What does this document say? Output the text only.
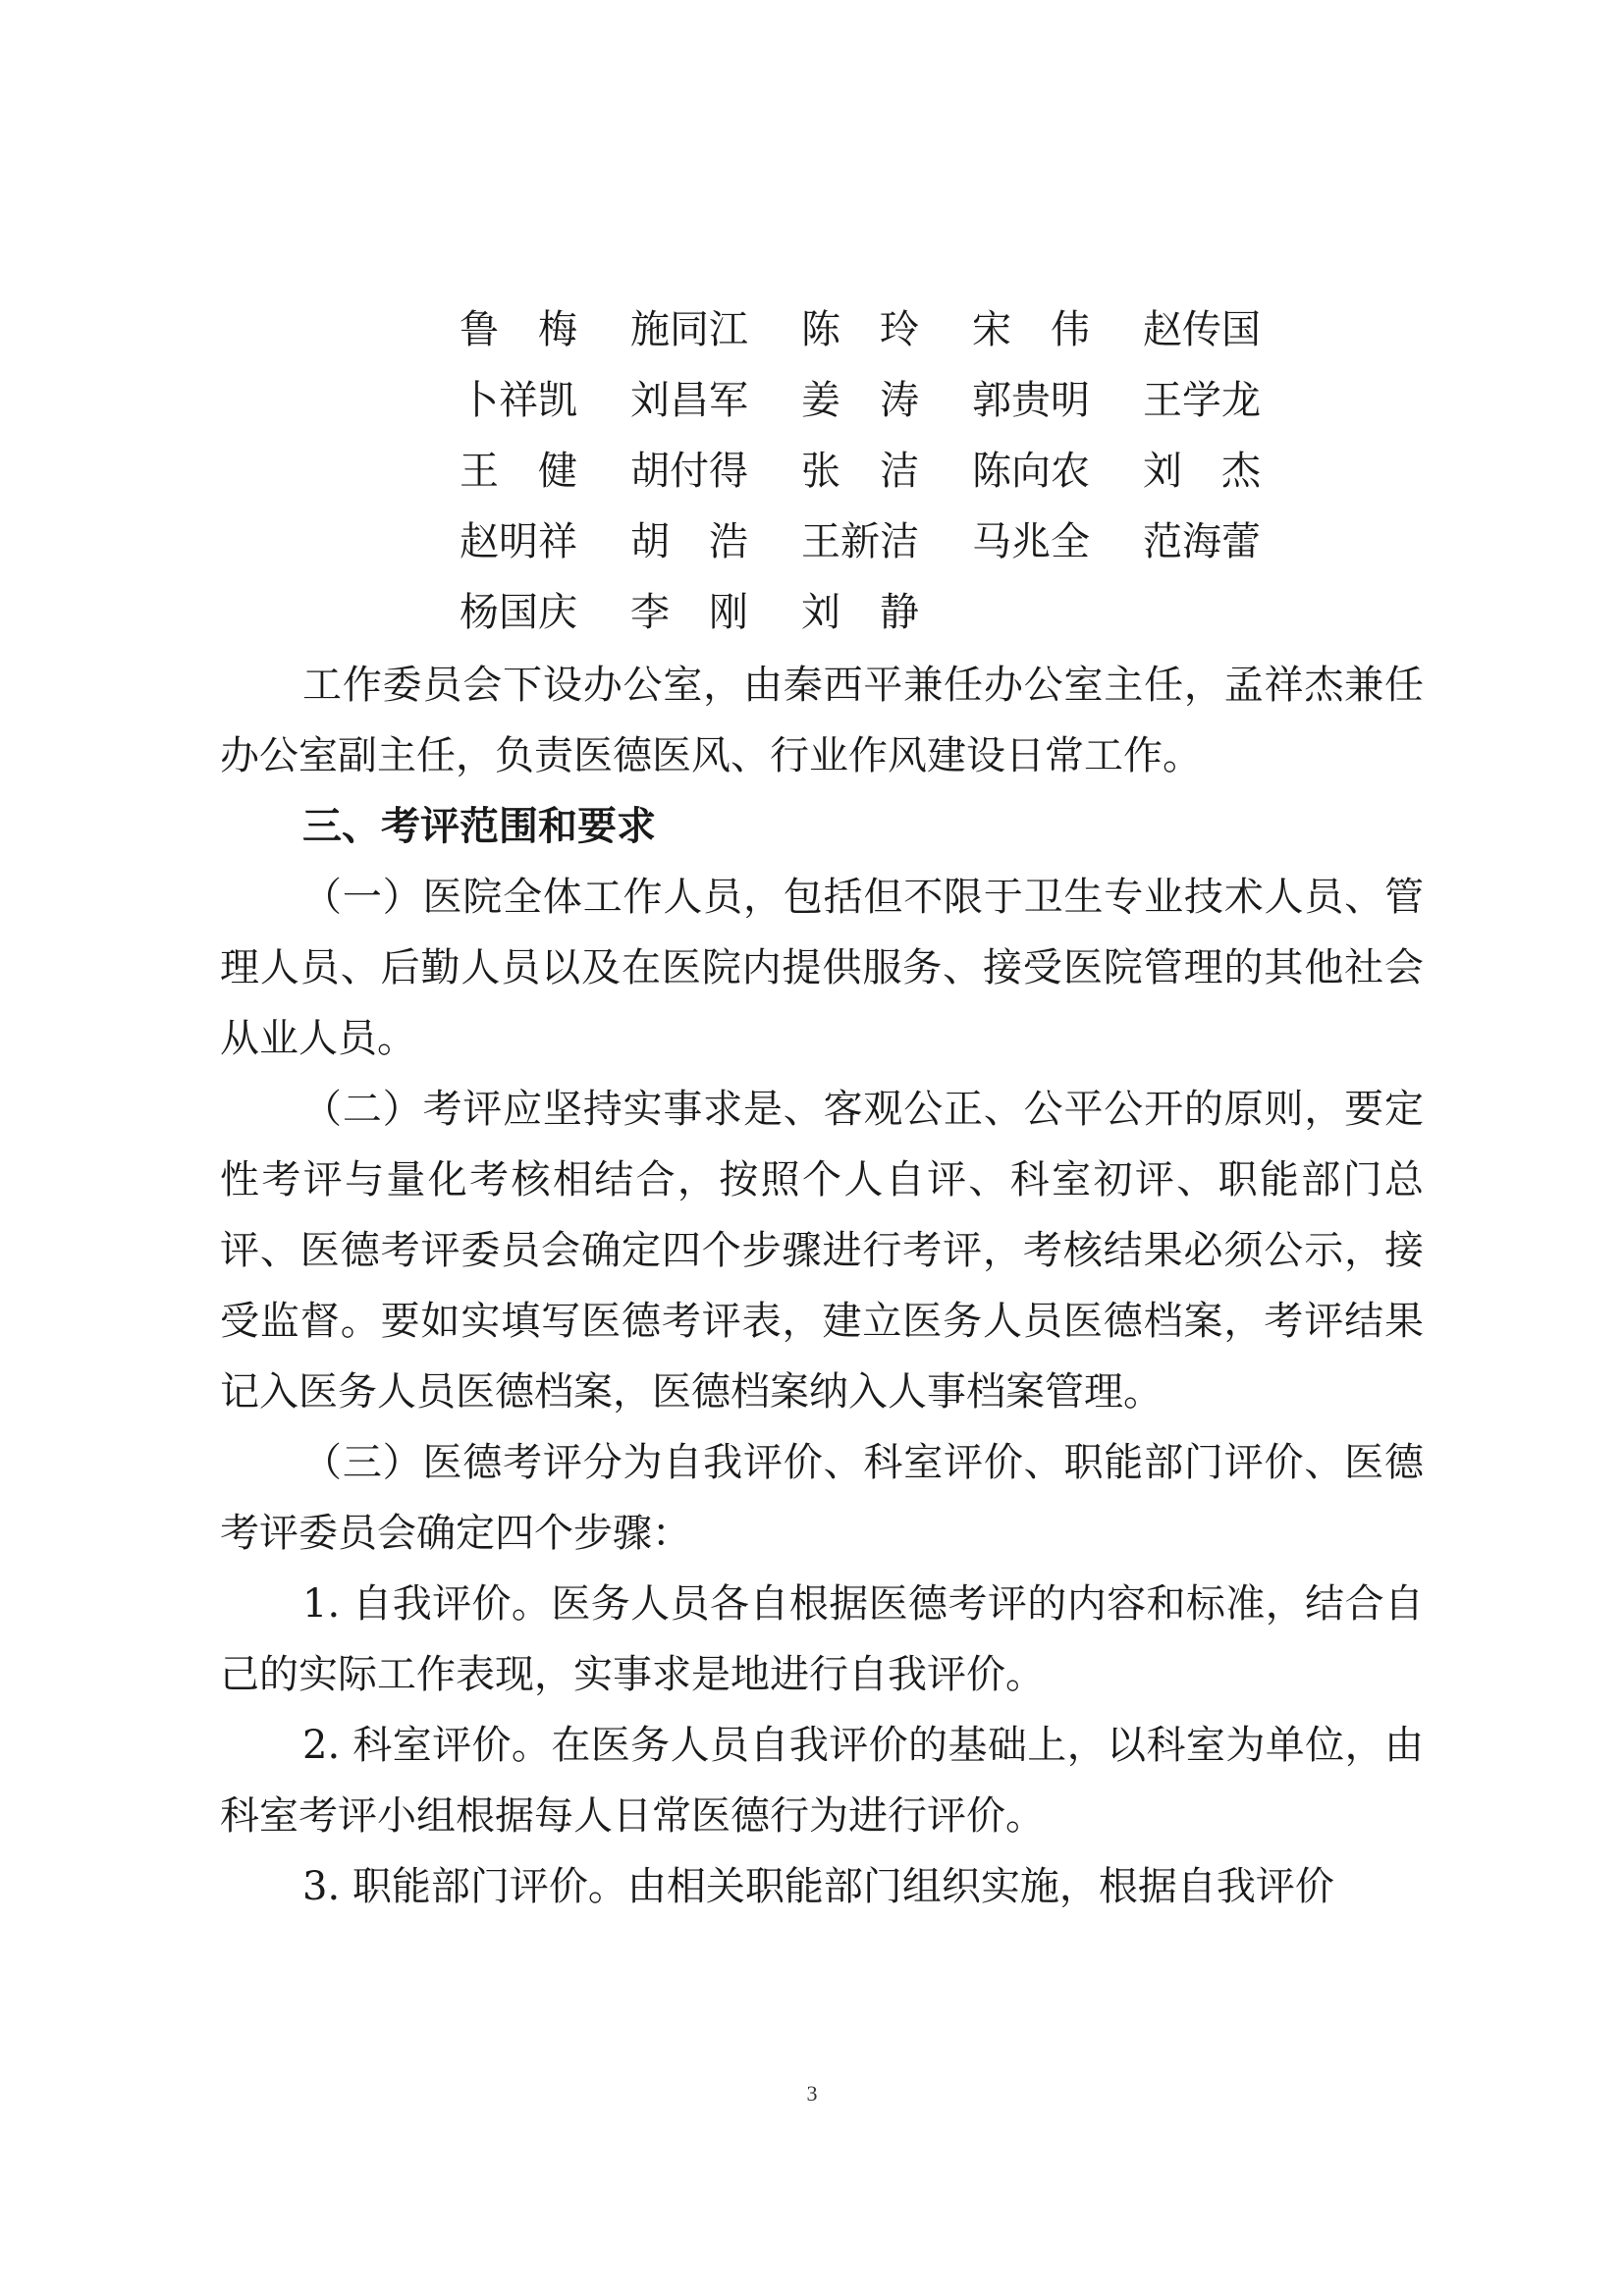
鲁　梅	施同江	陈　玲	宋　伟	赵传国
卜祥凯	刘昌军	姜　涛	郭贵明	王学龙
王　健	胡付得	张　洁	陈向农	刘　杰
赵明祥	胡　浩	王新洁	马兆全	范海蕾
杨国庆	李　刚	刘　静

工作委员会下设办公室，由秦西平兼任办公室主任，孟祥杰兼任办公室副主任，负责医德医风、行业作风建设日常工作。

三、考评范围和要求

（一）医院全体工作人员，包括但不限于卫生专业技术人员、管理人员、后勤人员以及在医院内提供服务、接受医院管理的其他社会从业人员。

（二）考评应坚持实事求是、客观公正、公平公开的原则，要定性考评与量化考核相结合，按照个人自评、科室初评、职能部门总评、医德考评委员会确定四个步骤进行考评，考核结果必须公示，接受监督。要如实填写医德考评表，建立医务人员医德档案，考评结果记入医务人员医德档案，医德档案纳入人事档案管理。

（三）医德考评分为自我评价、科室评价、职能部门评价、医德考评委员会确定四个步骤：

1. 自我评价。医务人员各自根据医德考评的内容和标准，结合自己的实际工作表现，实事求是地进行自我评价。

2. 科室评价。在医务人员自我评价的基础上，以科室为单位，由科室考评小组根据每人日常医德行为进行评价。

3. 职能部门评价。由相关职能部门组织实施，根据自我评价

3
